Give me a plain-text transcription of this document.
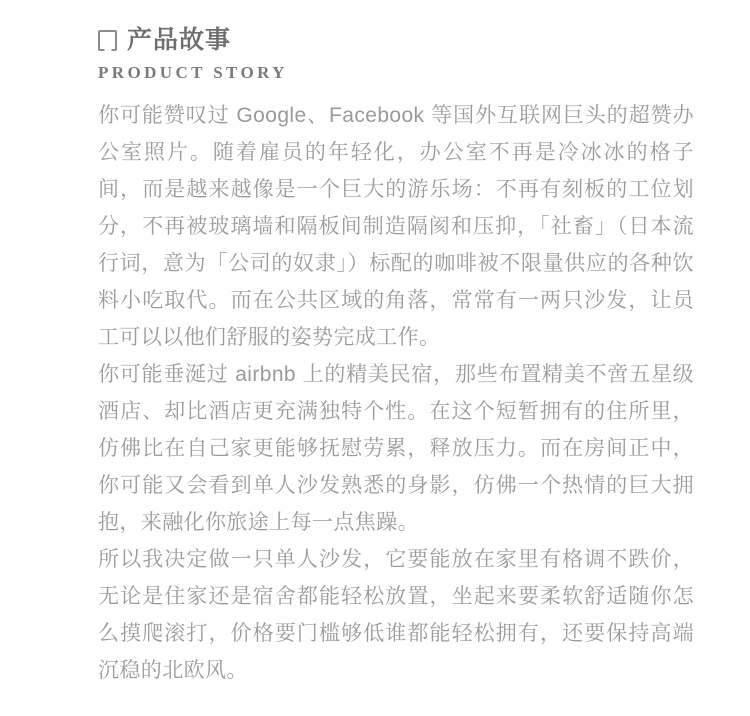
产品故事
PRODUCT STORY

你可能赞叹过 Google、Facebook 等国外互联网巨头的超赞办公室照片。随着雇员的年轻化，办公室不再是冷冰冰的格子间，而是越来越像是一个巨大的游乐场：不再有刻板的工位划分，不再被玻璃墙和隔板间制造隔阂和压抑，「社畜」（日本流行词，意为「公司的奴隶」）标配的咖啡被不限量供应的各种饮料小吃取代。而在公共区域的角落，常常有一两只沙发，让员工可以以他们舒服的姿势完成工作。

你可能垂涎过 airbnb 上的精美民宿，那些布置精美不啻五星级酒店、却比酒店更充满独特个性。在这个短暂拥有的住所里，仿佛比在自己家更能够抚慰劳累，释放压力。而在房间正中，你可能又会看到单人沙发熟悉的身影，仿佛一个热情的巨大拥抱，来融化你旅途上每一点焦躁。

所以我决定做一只单人沙发，它要能放在家里有格调不跌价，无论是住家还是宿舍都能轻松放置，坐起来要柔软舒适随你怎么摸爬滚打，价格要门槛够低谁都能轻松拥有，还要保持高端沉稳的北欧风。
